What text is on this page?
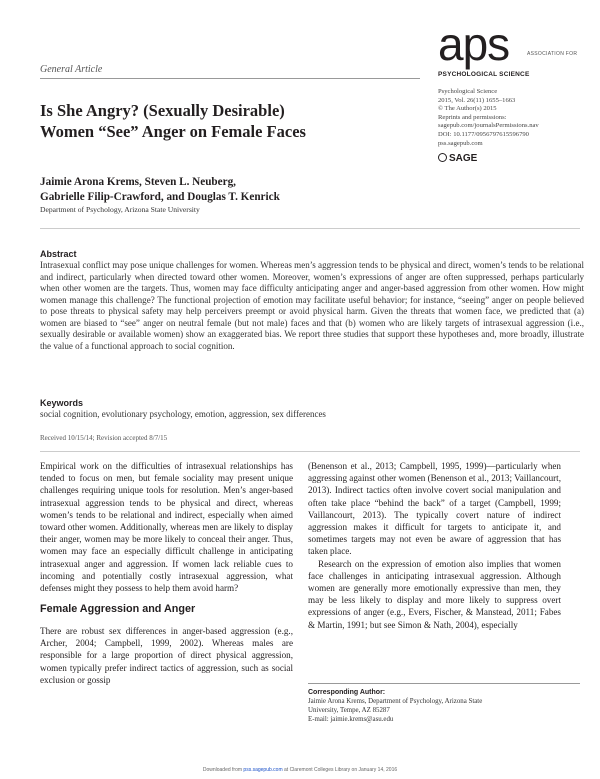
General Article	aps	ASSOCIATION FOR
PSYCHOLOGICAL SCIENCE
Is She Angry? (Sexually Desirable)
Women “See” Anger on Female Faces
Psychological Science
2015, Vol. 26(11) 1655–1663
© The Author(s) 2015
Reprints and permissions:
sagepub.com/journalsPermissions.nav
DOI: 10.1177/0956797615596790
pss.sagepub.com
SAGE
Jaimie Arona Krems, Steven L. Neuberg,
Gabrielle Filip-Crawford, and Douglas T. Kenrick
Department of Psychology, Arizona State University
Abstract
Intrasexual conflict may pose unique challenges for women. Whereas men’s aggression tends to be physical and direct, women’s tends to be relational and indirect, particularly when directed toward other women. Moreover, women’s expressions of anger are often suppressed, perhaps particularly when other women are the targets. Thus, women may face difficulty anticipating anger and anger-based aggression from other women. How might women manage this challenge? The functional projection of emotion may facilitate useful behavior; for instance, “seeing” anger on people believed to pose threats to physical safety may help perceivers preempt or avoid physical harm. Given the threats that women face, we predicted that (a) women are biased to “see” anger on neutral female (but not male) faces and that (b) women who are likely targets of intrasexual aggression (i.e., sexually desirable or available women) show an exaggerated bias. We report three studies that support these hypotheses and, more broadly, illustrate the value of a functional approach to social cognition.
Keywords
social cognition, evolutionary psychology, emotion, aggression, sex differences
Received 10/15/14; Revision accepted 8/7/15

Empirical work on the difficulties of intrasexual relationships has tended to focus on men, but female sociality may present unique challenges requiring unique tools for resolution. Men’s anger-based intrasexual aggression tends to be physical and direct, whereas women’s tends to be relational and indirect, especially when aimed toward other women. Additionally, whereas men are likely to display their anger, women may be more likely to conceal their anger. Thus, women may face an especially difficult challenge in anticipating intrasexual anger and aggression. If women lack reliable cues to incoming and potentially costly intrasexual aggression, what defenses might they possess to help them avoid harm?

Female Aggression and Anger

There are robust sex differences in anger-based aggression (e.g., Archer, 2004; Campbell, 1999, 2002). Whereas males are responsible for a large proportion of direct physical aggression, women typically prefer indirect tactics of aggression, such as social exclusion or gossip

(Benenson et al., 2013; Campbell, 1995, 1999)—particularly when aggressing against other women (Benenson et al., 2013; Vaillancourt, 2013). Indirect tactics often involve covert social manipulation and often take place “behind the back” of a target (Campbell, 1999; Vaillancourt, 2013). The typically covert nature of indirect aggression makes it difficult for targets to anticipate it, and sometimes targets may not even be aware of aggression that has taken place.

Research on the expression of emotion also implies that women face challenges in anticipating intrasexual aggression. Although women are generally more emotionally expressive than men, they may be less likely to display and more likely to suppress overt expressions of anger (e.g., Evers, Fischer, & Manstead, 2011; Fabes & Martin, 1991; but see Simon & Nath, 2004), especially

Corresponding Author:
Jaimie Arona Krems, Department of Psychology, Arizona State
University, Tempe, AZ 85287
E-mail: jaimie.krems@asu.edu
Downloaded from pss.sagepub.com at Claremont Colleges Library on January 14, 2016
